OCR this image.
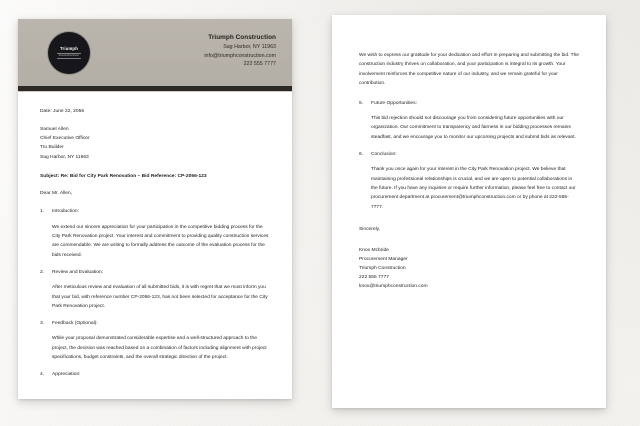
Triumph
Construction
Triumph Construction
Sag Harbor, NY 11963
info@triumphconstruction.com
222 555 7777
Date: June 22, 2056
Samuel Allen
Chief Executive Officer
Tru Builder
Sag Harbor, NY 11963
Subject: Re: Bid for City Park Renovation – Bid Reference: CP-2056-123
Dear Mr. Allen,
1.	Introduction:
We extend our sincere appreciation for your participation in the competitive bidding process for the City Park Renovation project. Your interest and commitment to providing quality construction services are commendable. We are writing to formally address the outcome of the evaluation process for the bids received.
2.	Review and Evaluation:
After meticulous review and evaluation of all submitted bids, it is with regret that we must inform you that your bid, with reference number CP-2056-123, has not been selected for acceptance for the City Park Renovation project.
3.	Feedback (Optional):
While your proposal demonstrated considerable expertise and a well-structured approach to the project, the decision was reached based on a combination of factors including alignment with project specifications, budget constraints, and the overall strategic direction of the project.
4.	Appreciation:
We wish to express our gratitude for your dedication and effort in preparing and submitting the bid. The construction industry thrives on collaboration, and your participation is integral to its growth. Your involvement reinforces the competitive nature of our industry, and we remain grateful for your contribution.
5.	Future Opportunities:
This bid rejection should not discourage you from considering future opportunities with our organization. Our commitment to transparency and fairness in our bidding processes remains steadfast, and we encourage you to monitor our upcoming projects and submit bids as relevant.
6.	Conclusion:
Thank you once again for your interest in the City Park Renovation project. We believe that maintaining professional relationships is crucial, and we are open to potential collaborations in the future. If you have any inquiries or require further information, please feel free to contact our procurement department at procurement@triumphconstruction.com or by phone at 222-555-7777.
Sincerely,
Knox Mcbride
Procurement Manager
Triumph Construction
222 555 7777
knox@triumphconstruction.com
